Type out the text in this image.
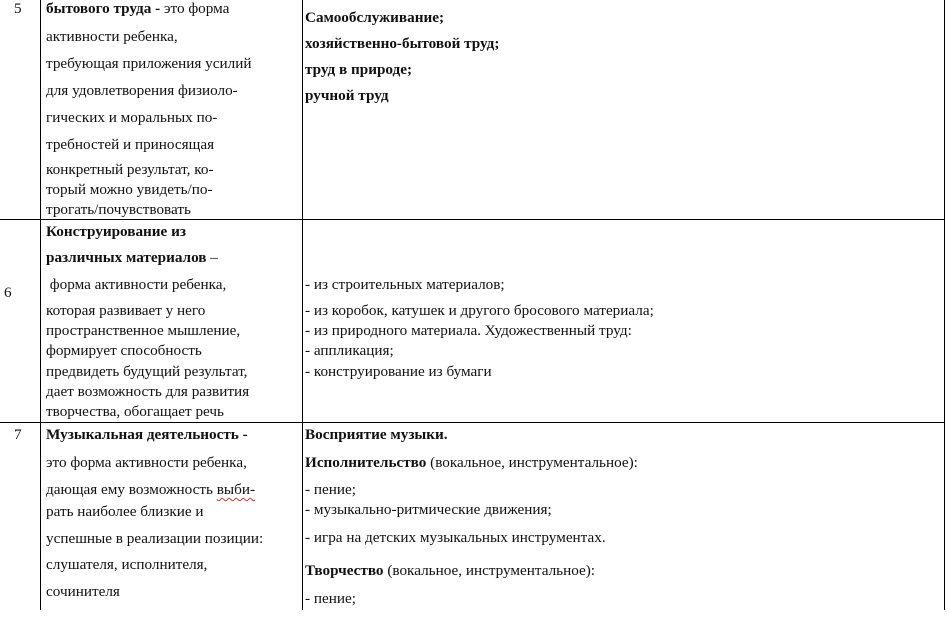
5 бытового труда - это форма
активности ребенка,
требующая приложения усилий
для удовлетворения физиоло-
гических и моральных по-
требностей и приносящая
конкретный результат, ко-
торый можно увидеть/по-
трогать/почувствовать
Самообслуживание;
хозяйственно-бытовой труд;
труд в природе;
ручной труд
6
Конструирование из
различных материалов –
форма активности ребенка,
которая развивает у него
пространственное мышление,
формирует способность
предвидеть будущий результат,
дает возможность для развития
творчества, обогащает речь
- из строительных материалов;
- из коробок, катушек и другого бросового материала;
- из природного материала. Художественный труд:
- аппликация;
- конструирование из бумаги
7 Музыкальная деятельность -
это форма активности ребенка,
дающая ему возможность выби-
рать наиболее близкие и
успешные в реализации позиции:
слушателя, исполнителя,
сочинителя
Восприятие музыки.
Исполнительство (вокальное, инструментальное):
- пение;
- музыкально-ритмические движения;
- игра на детских музыкальных инструментах.
Творчество (вокальное, инструментальное):
- пение;
